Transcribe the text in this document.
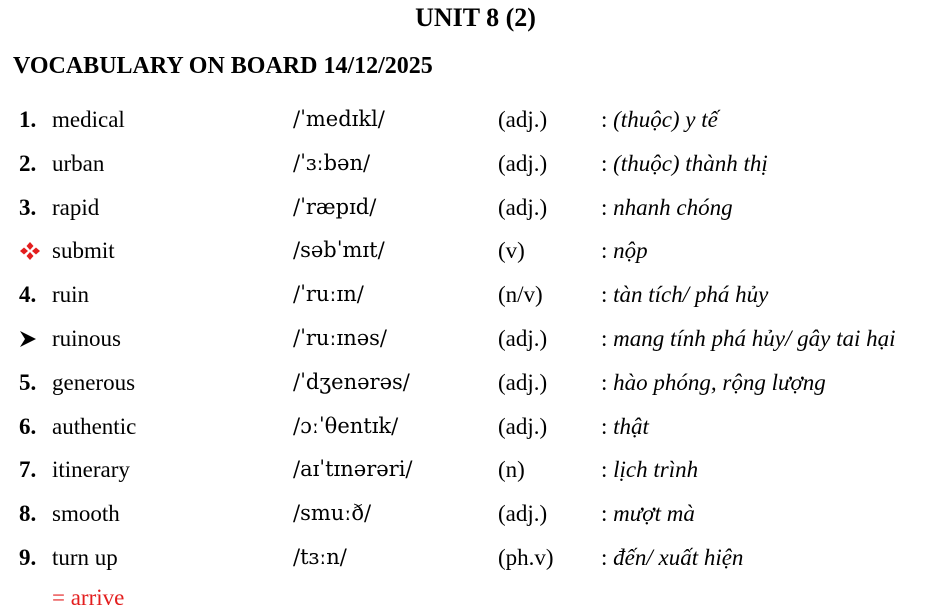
UNIT 8 (2)
VOCABULARY ON BOARD 14/12/2025
1. medical	/ˈmedɪkl/	(adj.) : (thuộc) y tế
2. urban	/ˈɜːbən/	(adj.) : (thuộc) thành thị
3. rapid	/ˈræpɪd/	(adj.) : nhanh chóng
submit	/səbˈmɪt/	(v)	: nộp
4. ruin	/ˈruːɪn/	(n/v)	: tàn tích/ phá hủy
ruinous	/ˈruːɪnəs/	(adj.) : mang tính phá hủy/ gây tai hại
5. generous	/ˈdʒenərəs/	(adj.) : hào phóng, rộng lượng
6. authentic	/ɔːˈθentɪk/	(adj.) : thật
7. itinerary	/aɪˈtɪnərəri/	(n)	: lịch trình
8. smooth	/smuːð/	(adj.) : mượt mà
9. turn up	/tɜːn/	(ph.v) : đến/ xuất hiện
= arrive
